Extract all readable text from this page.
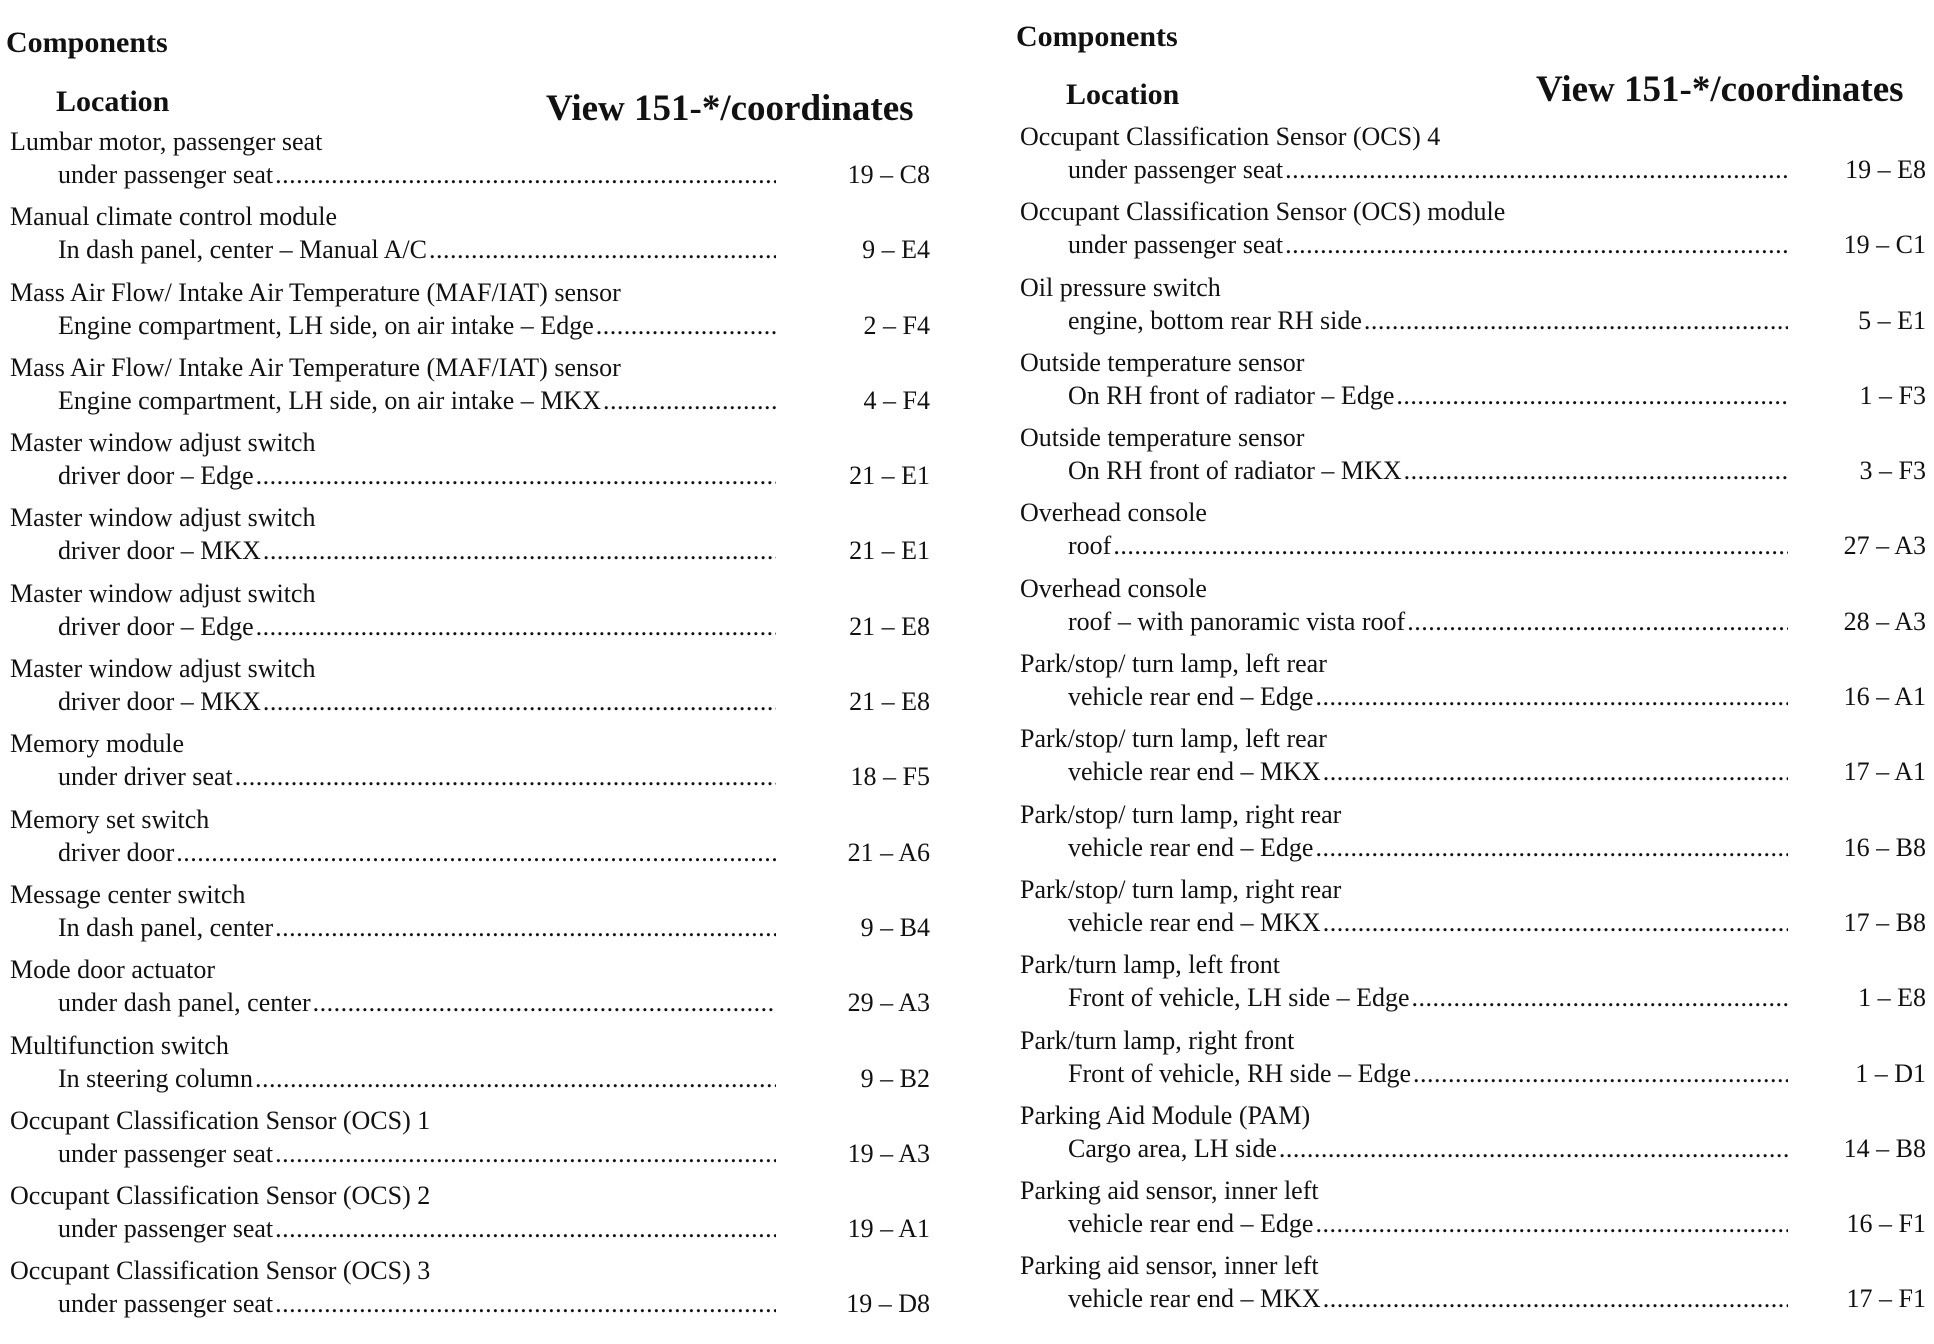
Components
Location	View 151-*/coordinates
Lumbar motor, passenger seat
under passenger seat .....	19 – C8
Manual climate control module
In dash panel, center – Manual A/C .....	9 – E4
Mass Air Flow/ Intake Air Temperature (MAF/IAT) sensor
Engine compartment, LH side, on air intake – Edge .....	2 – F4
Mass Air Flow/ Intake Air Temperature (MAF/IAT) sensor
Engine compartment, LH side, on air intake – MKX .....	4 – F4
Master window adjust switch
driver door – Edge .....	21 – E1
Master window adjust switch
driver door – MKX .....	21 – E1
Master window adjust switch
driver door – Edge .....	21 – E8
Master window adjust switch
driver door – MKX .....	21 – E8
Memory module
under driver seat .....	18 – F5
Memory set switch
driver door .....	21 – A6
Message center switch
In dash panel, center .....	9 – B4
Mode door actuator
under dash panel, center .....	29 – A3
Multifunction switch
In steering column .....	9 – B2
Occupant Classification Sensor (OCS) 1
under passenger seat .....	19 – A3
Occupant Classification Sensor (OCS) 2
under passenger seat .....	19 – A1
Occupant Classification Sensor (OCS) 3
under passenger seat .....	19 – D8
Components
Location	View 151-*/coordinates
Occupant Classification Sensor (OCS) 4
under passenger seat .....	19 – E8
Occupant Classification Sensor (OCS) module
under passenger seat .....	19 – C1
Oil pressure switch
engine, bottom rear RH side .....	5 – E1
Outside temperature sensor
On RH front of radiator – Edge .....	1 – F3
Outside temperature sensor
On RH front of radiator – MKX .....	3 – F3
Overhead console
roof .....	27 – A3
Overhead console
roof – with panoramic vista roof .....	28 – A3
Park/stop/ turn lamp, left rear
vehicle rear end – Edge .....	16 – A1
Park/stop/ turn lamp, left rear
vehicle rear end – MKX .....	17 – A1
Park/stop/ turn lamp, right rear
vehicle rear end – Edge .....	16 – B8
Park/stop/ turn lamp, right rear
vehicle rear end – MKX .....	17 – B8
Park/turn lamp, left front
Front of vehicle, LH side – Edge .....	1 – E8
Park/turn lamp, right front
Front of vehicle, RH side – Edge .....	1 – D1
Parking Aid Module (PAM)
Cargo area, LH side .....	14 – B8
Parking aid sensor, inner left
vehicle rear end – Edge .....	16 – F1
Parking aid sensor, inner left
vehicle rear end – MKX .....	17 – F1
